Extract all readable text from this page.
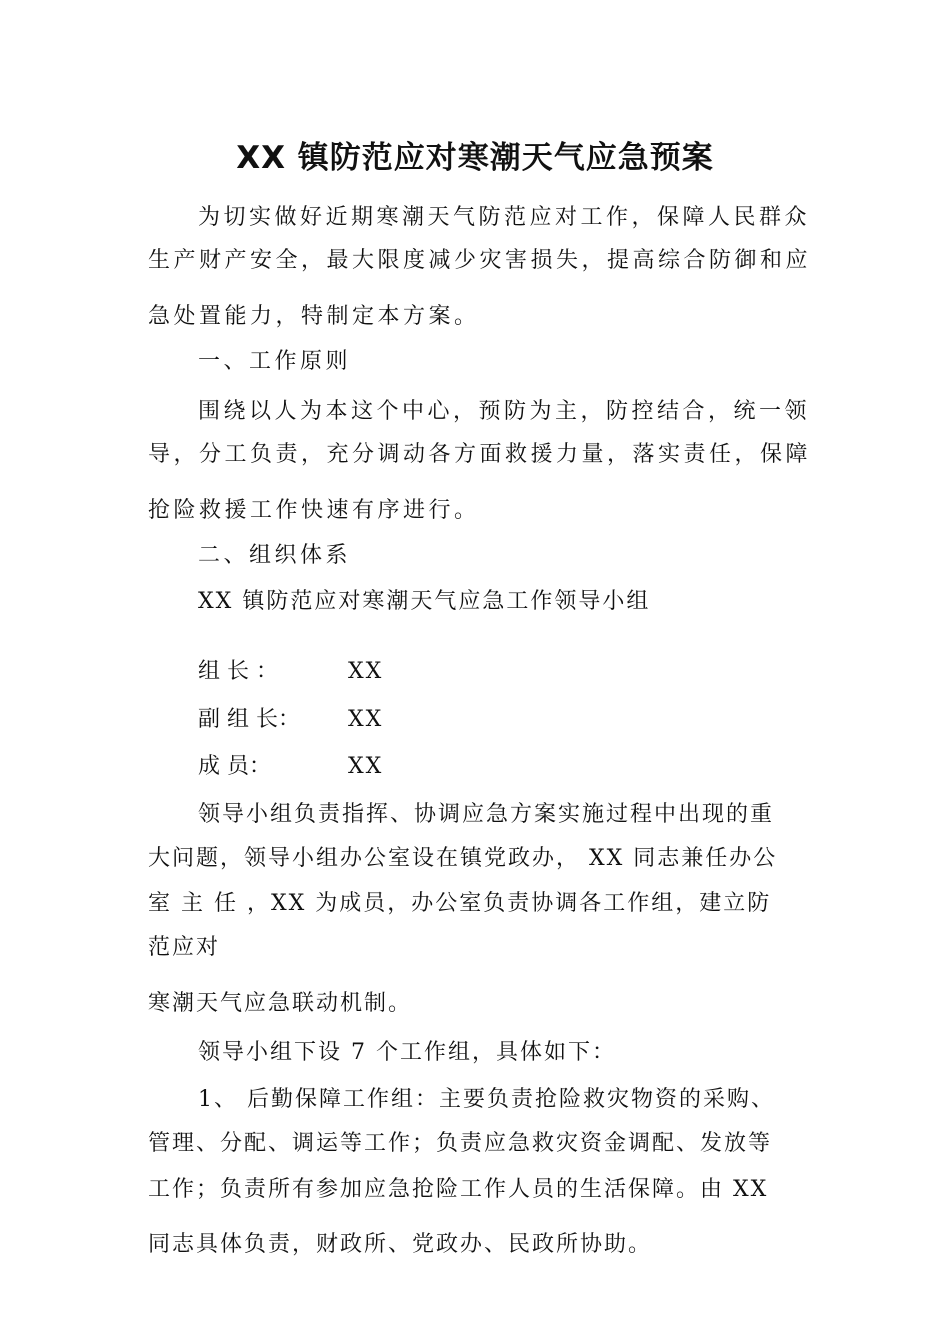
XX 镇防范应对寒潮天气应急预案
为切实做好近期寒潮天气防范应对工作，保障人民群众
生产财产安全，最大限度减少灾害损失，提高综合防御和应
急处置能力，特制定本方案。
一、工作原则
围绕以人为本这个中心，预防为主，防控结合，统一领
导，分工负责，充分调动各方面救援力量，落实责任，保障
抢险救援工作快速有序进行。
二、组织体系
XX 镇防范应对寒潮天气应急工作领导小组
组 长 ：	XX
副 组 长： XX
成 员：	XX
领导小组负责指挥、协调应急方案实施过程中出现的重
大问题，领导小组办公室设在镇党政办， XX 同志兼任办公
室 主 任 ，XX 为成员，办公室负责协调各工作组，建立防
范应对
寒潮天气应急联动机制。
领导小组下设 7 个工作组，具体如下：
1、 后勤保障工作组：主要负责抢险救灾物资的采购、
管理、分配、调运等工作；负责应急救灾资金调配、发放等
工作；负责所有参加应急抢险工作人员的生活保障。由 XX
同志具体负责，财政所、党政办、民政所协助。
